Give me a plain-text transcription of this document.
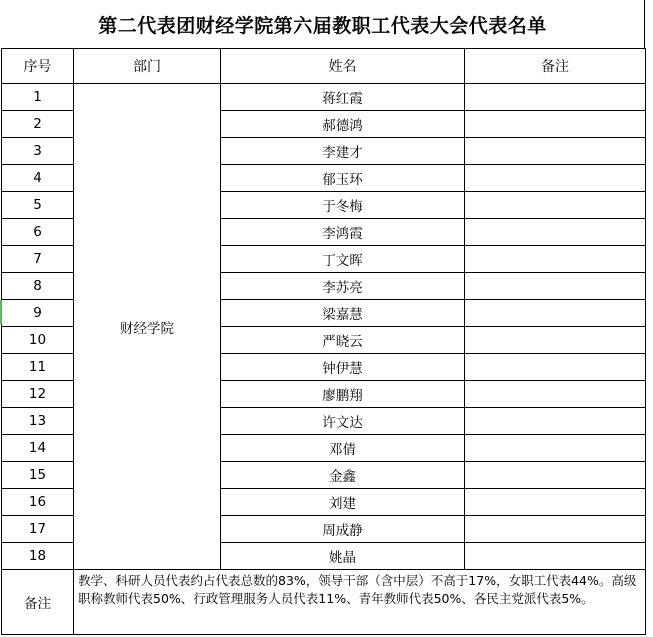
第二代表团财经学院第六届教职工代表大会代表名单
序号	部门	姓名	备注
1	财经学院	蒋红霞	
2		郝德鸿	
3		李建才	
4		郁玉环	
5		于冬梅	
6		李鸿霞	
7		丁文晖	
8		李苏亮	
9		梁嘉慧	
10		严晓云	
11		钟伊慧	
12		廖鹏翔	
13		许文达	
14		邓倩	
15		金鑫	
16		刘建	
17		周成静	
18		姚晶	
备注	教学、科研人员代表约占代表总数的83%，领导干部（含中层）不高于17%，女职工代表44%。高级职称教师代表50%、行政管理服务人员代表11%、青年教师代表50%、各民主党派代表5%。		
